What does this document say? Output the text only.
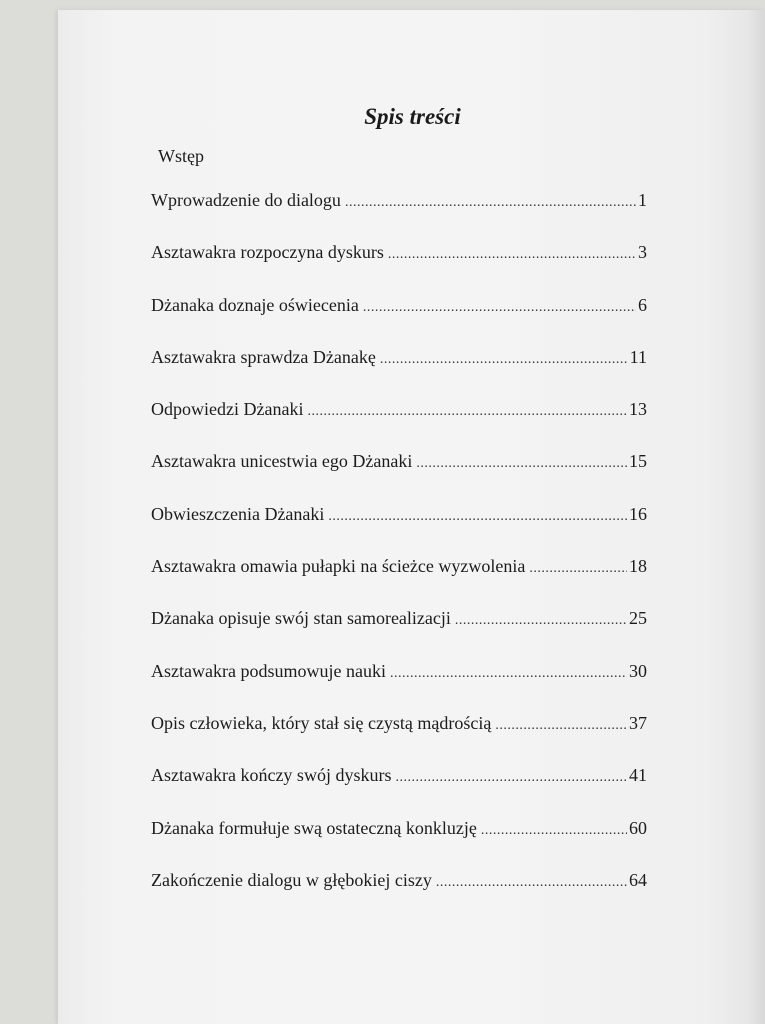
Spis treści
Wstęp
Wprowadzenie do dialogu .....	1
Asztawakra rozpoczyna dyskurs .....	3
Dżanaka doznaje oświecenia .....	6
Asztawakra sprawdza Dżanakę .....	11
Odpowiedzi Dżanaki .....	13
Asztawakra unicestwia ego Dżanaki .....	15
Obwieszczenia Dżanaki .....	16
Asztawakra omawia pułapki na ścieżce wyzwolenia .....	18
Dżanaka opisuje swój stan samorealizacji .....	25
Asztawakra podsumowuje nauki .....	30
Opis człowieka, który stał się czystą mądrością .....	37
Asztawakra kończy swój dyskurs .....	41
Dżanaka formułuje swą ostateczną konkluzję .....	60
Zakończenie dialogu w głębokiej ciszy .....	64
